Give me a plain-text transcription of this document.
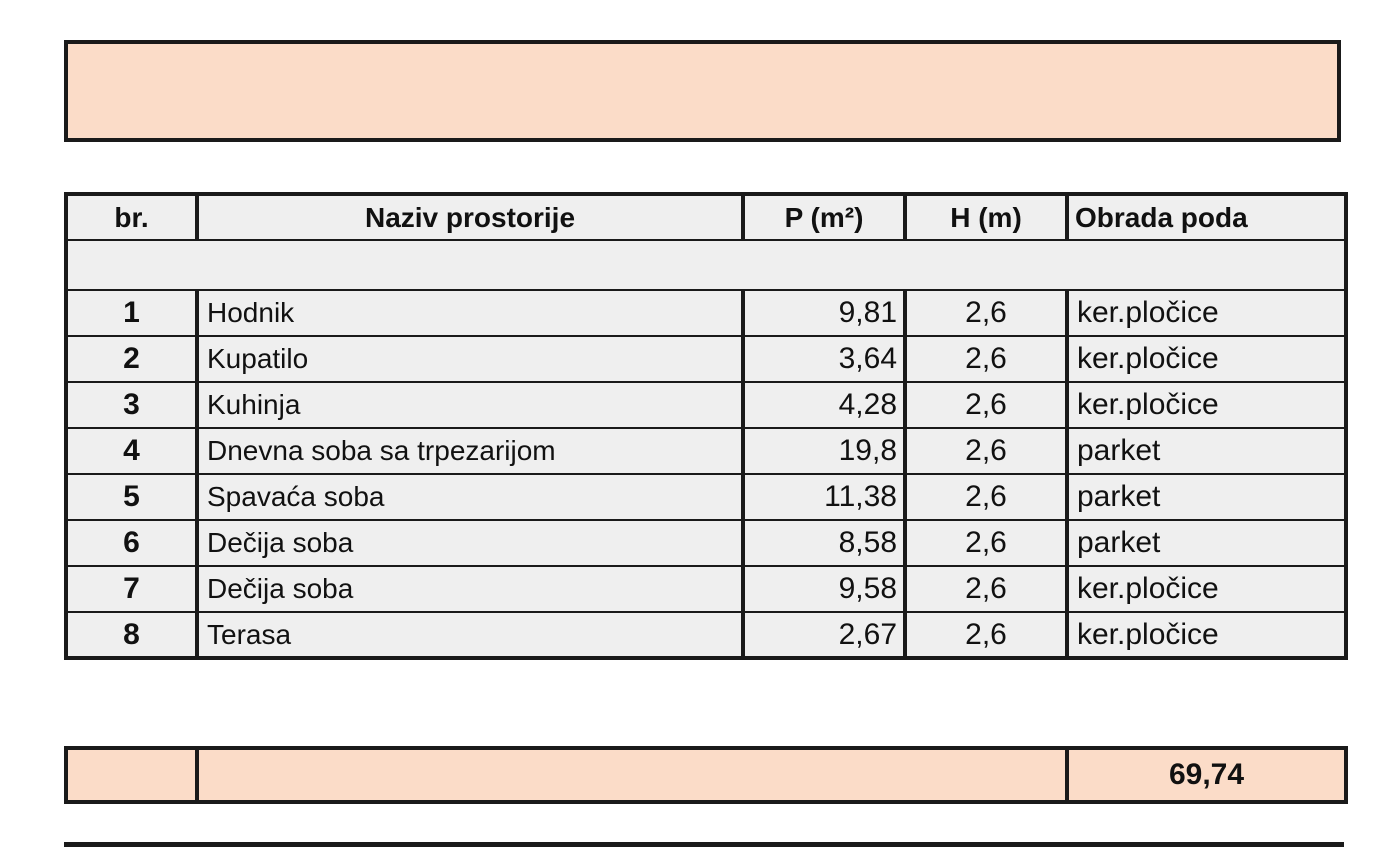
br.	Naziv prostorije	P (m²)	H (m)	Obrada poda

1	Hodnik	9,81	2,6	ker.pločice
2	Kupatilo	3,64	2,6	ker.pločice
3	Kuhinja	4,28	2,6	ker.pločice
4	Dnevna soba sa trpezarijom	19,8	2,6	parket
5	Spavaća soba	11,38	2,6	parket
6	Dečija soba	8,58	2,6	parket
7	Dečija soba	9,58	2,6	ker.pločice
8	Terasa	2,67	2,6	ker.pločice
		69,74
